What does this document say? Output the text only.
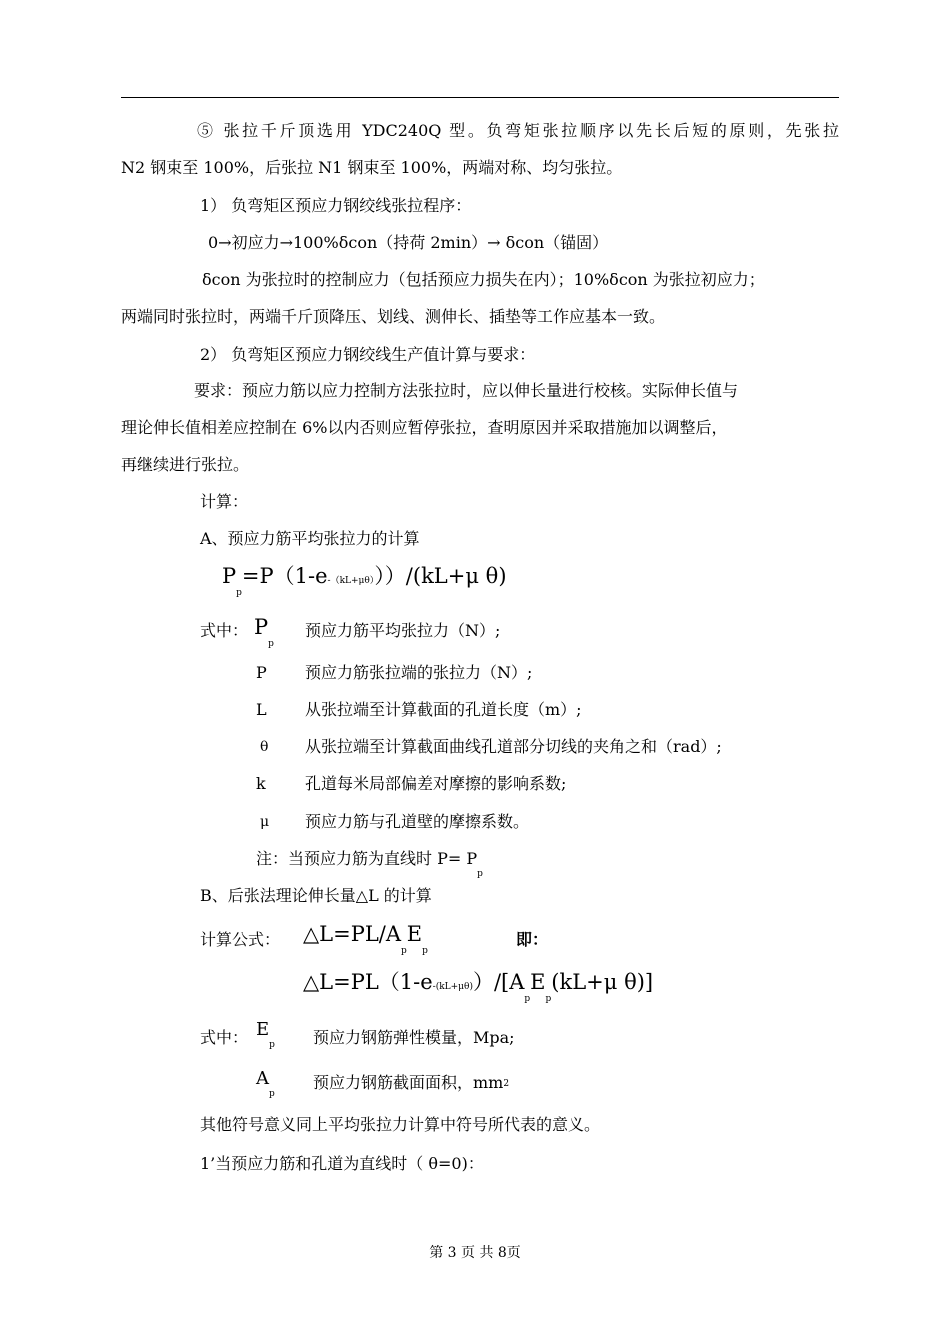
⑤ 张拉千斤顶选用 YDC240Q 型。负弯矩张拉顺序以先长后短的原则，先张拉
N2 钢束至 100%，后张拉 N1 钢束至 100%，两端对称、均匀张拉。
1） 负弯矩区预应力钢绞线张拉程序：
0→初应力→100%δcon（持荷 2min）→ δcon（锚固）
δcon 为张拉时的控制应力（包括预应力损失在内）；10%δcon 为张拉初应力；
两端同时张拉时，两端千斤顶降压、划线、测伸长、插垫等工作应基本一致。
2） 负弯矩区预应力钢绞线生产值计算与要求：
要求：预应力筋以应力控制方法张拉时，应以伸长量进行校核。实际伸长值与
理论伸长值相差应控制在 6%以内否则应暂停张拉，查明原因并采取措施加以调整后，
再继续进行张拉。
计算：
A、预应力筋平均张拉力的计算
$P_p=P(1-e-(kL+\mu\theta)))/(kL+\mu$ θ)
式中： $P_p$
预应力筋平均张拉力（N）;
P 预应力筋张拉端的张拉力（N）;
L 从张拉端至计算截面的孔道长度（m）;
θ 从张拉端至计算截面曲线孔道部分切线的夹角之和（rad）;
k 孔道每米局部偏差对摩擦的影响系数;
μ 预应力筋与孔道壁的摩擦系数。
注：当预应力筋为直线时 $P= P_p$
B、后张法理论伸长量△L 的计算
计算公式： $\triangle L=PL/A_pE_p$
即：
$\triangle L=PL(1-e-(kL+\mu\theta))/[A_pE_p(kL+\mu$ θ)]
式中： $E_p$ 预应力钢筋弹性模量，Mpa;
$A_p$
预应力钢筋截面面积，$mm^2$
其他符号意义同上平均张拉力计算中符号所代表的意义。
1’当预应力筋和孔道为直线时（ θ=0)：
第 3 页 共 8页
